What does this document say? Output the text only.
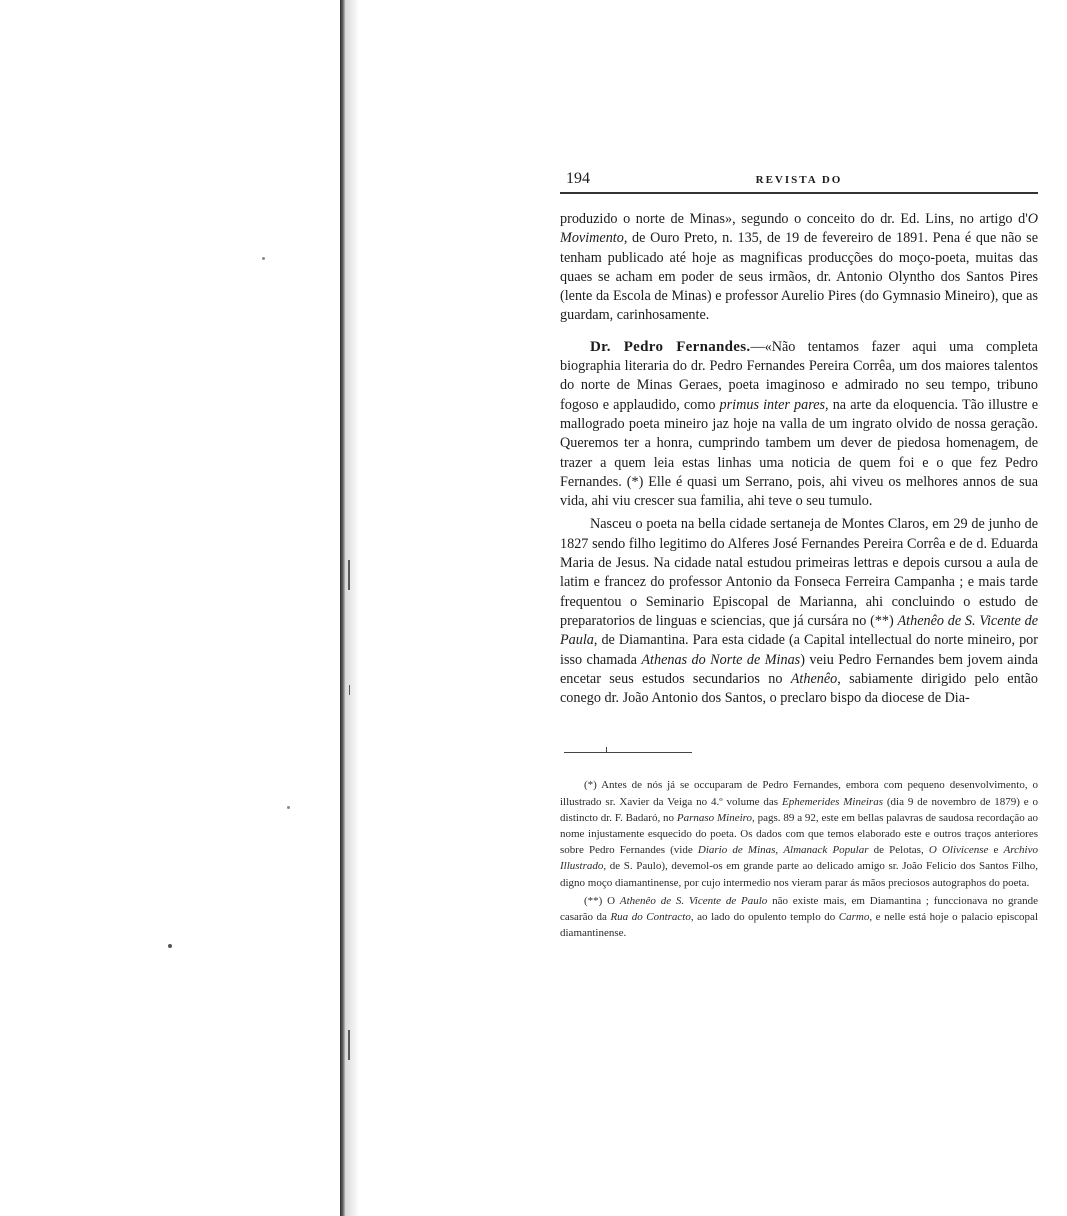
194	REVISTA DO

produzido o norte de Minas», segundo o conceito do dr. Ed. Lins, no artigo d'O Movimento, de Ouro Preto, n. 135, de 19 de fevereiro de 1891. Pena é que não se tenham publicado até hoje as magnificas producções do moço-poeta, muitas das quaes se acham em poder de seus irmãos, dr. Antonio Olyntho dos Santos Pires (lente da Escola de Minas) e professor Aurelio Pires (do Gymnasio Mineiro), que as guardam, carinhosamente.

Dr. Pedro Fernandes.—«Não tentamos fazer aqui uma completa biographia literaria do dr. Pedro Fernandes Pereira Corrêa, um dos maiores talentos do norte de Minas Geraes, poeta imaginoso e admirado no seu tempo, tribuno fogoso e applaudido, como primus inter pares, na arte da eloquencia. Tão illustre e mallogrado poeta mineiro jaz hoje na valla de um ingrato olvido de nossa geração. Queremos ter a honra, cumprindo tambem um dever de piedosa homenagem, de trazer a quem leia estas linhas uma noticia de quem foi e o que fez Pedro Fernandes. (*) Elle é quasi um Serrano, pois, ahi viveu os melhores annos de sua vida, ahi viu crescer sua familia, ahi teve o seu tumulo.

Nasceu o poeta na bella cidade sertaneja de Montes Claros, em 29 de junho de 1827 sendo filho legitimo do Alferes José Fernandes Pereira Corrêa e de d. Eduarda Maria de Jesus. Na cidade natal estudou primeiras lettras e depois cursou a aula de latim e francez do professor Antonio da Fonseca Ferreira Campanha ; e mais tarde frequentou o Seminario Episcopal de Marianna, ahi concluindo o estudo de preparatorios de linguas e sciencias, que já cursára no (**) Athenêo de S. Vicente de Paula, de Diamantina. Para esta cidade (a Capital intellectual do norte mineiro, por isso chamada Athenas do Norte de Minas) veiu Pedro Fernandes bem jovem ainda encetar seus estudos secundarios no Athenêo, sabiamente dirigido pelo então conego dr. João Antonio dos Santos, o preclaro bispo da diocese de Dia-

(*) Antes de nós já se occuparam de Pedro Fernandes, embora com pequeno desenvolvimento, o illustrado sr. Xavier da Veiga no 4.º volume das Ephemerides Mineiras (dia 9 de novembro de 1879) e o distincto dr. F. Badaró, no Parnaso Mineiro, pags. 89 a 92, este em bellas palavras de saudosa recordação ao nome injustamente esquecido do poeta. Os dados com que temos elaborado este e outros traços anteriores sobre Pedro Fernandes (vide Diario de Minas, Almanack Popular de Pelotas, O Olivicense e Archivo Illustrado, de S. Paulo), devemol-os em grande parte ao delicado amigo sr. João Felicio dos Santos Filho, digno moço diamantinense, por cujo intermedio nos vieram parar ás mãos preciosos autographos do poeta.

(**) O Athenêo de S. Vicente de Paulo não existe mais, em Diamantina ; funccionava no grande casarão da Rua do Contracto, ao lado do opulento templo do Carmo, e nelle está hoje o palacio episcopal diamantinense.
